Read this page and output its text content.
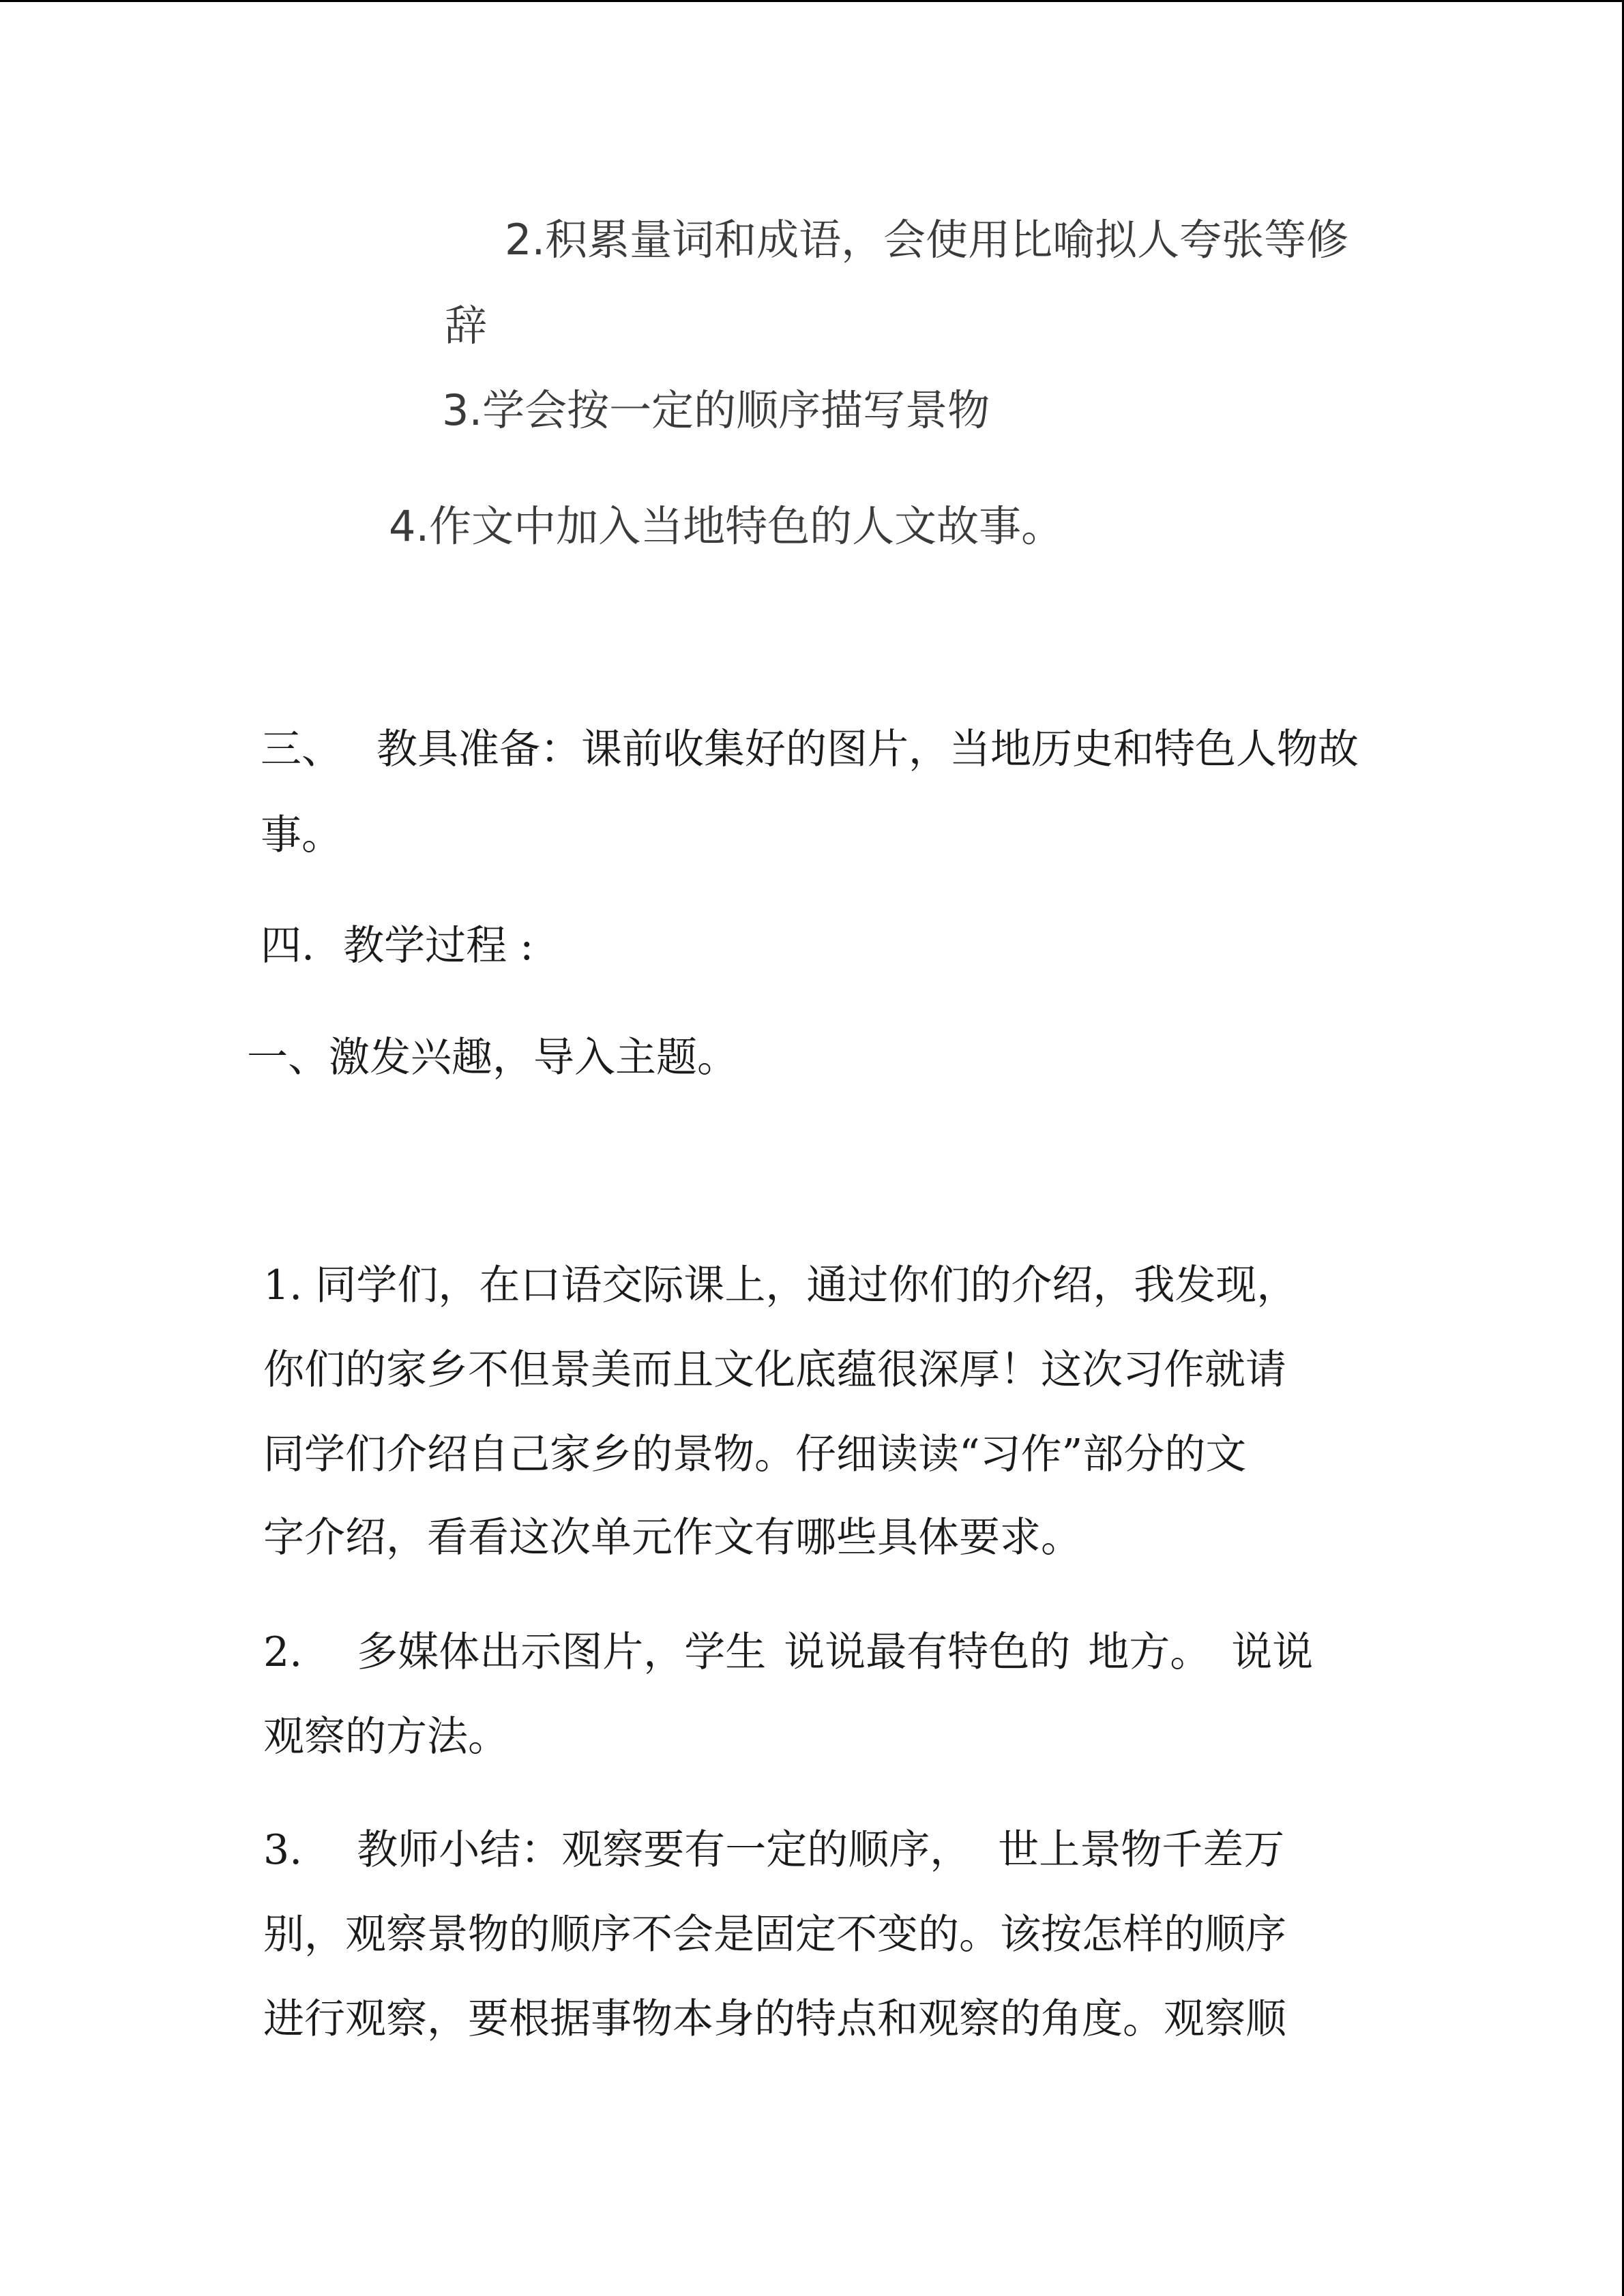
2.积累量词和成语，会使用比喻拟人夸张等修

辞

3.学会按一定的顺序描写景物

4.作文中加入当地特色的人文故事。

三、 教具准备：课前收集好的图片，当地历史和特色人物故

事。

四. 教学过程 :

一、激发兴趣，导入主题。

1. 同学们，在口语交际课上，通过你们的介绍，我发现，

你们的家乡不但景美而且文化底蕴很深厚！这次习作就请

同学们介绍自己家乡的景物。仔细读读“习作”部分的文

字介绍，看看这次单元作文有哪些具体要求。

2. 多媒体出示图片，学生 说说最有特色的 地方。 说说

观察的方法。

3. 教师小结：观察要有一定的顺序， 世上景物千差万

别，观察景物的顺序不会是固定不变的。该按怎样的顺序

进行观察，要根据事物本身的特点和观察的角度。观察顺
